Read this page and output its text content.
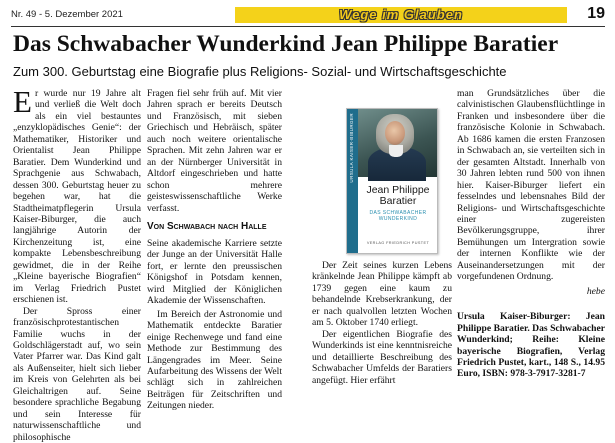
Nr. 49 - 5. Dezember 2021	Wege im Glauben	19
Das Schwabacher Wunderkind Jean Philippe Baratier

Zum 300. Geburtstag eine Biografie plus Religions- Sozial- und Wirtschaftsgeschichte

Er wurde nur 19 Jahre alt und verließ die Welt doch als ein viel bestauntes „enzyklopädisches Genie“: der Mathematiker, Historiker und Orientalist Jean Philippe Baratier. Dem Wunderkind und Sprachgenie aus Schwabach, dessen 300. Geburtstag heuer zu begehen war, hat die Stadtheimatpflegerin Ursula Kaiser-Biburger, die auch langjährige Autorin der Kirchenzeitung ist, eine kompakte Lebensbeschreibung gewidmet, die in der Reihe „Kleine bayerische Biografien“ im Verlag Friedrich Pustet erschienen ist.

Der Spross einer französischprotestantischen Familie wuchs in der Goldschlägerstadt auf, wo sein Vater Pfarrer war. Das Kind galt als Außenseiter, hielt sich lieber im Kreis von Gelehrten als bei Gleichaltrigen auf. Seine besondere sprachliche Begabung und sein Interesse für naturwissenschaftliche und philosophische

Fragen fiel sehr früh auf. Mit vier Jahren sprach er bereits Deutsch und Französisch, mit sieben Griechisch und Hebräisch, später auch noch weitere orientalische Sprachen. Mit zehn Jahren war er an der Nürnberger Universität in Altdorf eingeschrieben und hatte schon mehrere geisteswissenschaftliche Werke verfasst.

Von Schwabach nach Halle

Seine akademische Karriere setzte der Junge an der Universität Halle fort, er lernte den preussischen Königshof in Potsdam kennen, wird Mitglied der Königlichen Akademie der Wissenschaften.

Im Bereich der Astronomie und Mathematik entdeckte Baratier einige Rechenwege und fand eine Methode zur Bestimmung des Längengrades im Meer. Seine Aufarbeitung des Wissens der Welt schlägt sich in zahlreichen Beiträgen für Zeitschriften und Zeitungen nieder.

URSULA KAISER-BIBURGER
Jean Philippe
Baratier
DAS SCHWABACHER
WUNDERKIND
VERLAG FRIEDRICH PUSTET

Der Zeit seines kurzen Lebens kränkelnde Jean Philippe kämpft ab 1739 gegen eine kaum zu behandelnde Krebserkrankung, der er nach qualvollen letzten Wochen am 5. Oktober 1740 erliegt.

Der eigentlichen Biografie des Wunderkinds ist eine kenntnisreiche und detaillierte Beschreibung des Schwabacher Umfelds der Baratiers angefügt. Hier erfährt

man Grundsätzliches über die calvinistischen Glaubensflüchtlinge in Franken und insbesondere über die französische Kolonie in Schwabach. Ab 1686 kamen die ersten Franzosen in Schwabach an, sie verteilten sich in der gesamten Altstadt. Innerhalb von 30 Jahren lebten rund 500 von ihnen hier. Kaiser-Biburger liefert ein fesselndes und lebensnahes Bild der Religions- und Wirtschaftsgeschichte einer zugereisten Bevölkerungsgruppe, ihrer Bemühungen um Intergration sowie der internen Konflikte wie der Auseinandersetzungen mit der vorgefundenen Ordnung.

hebe

Ursula Kaiser-Biburger: Jean Philippe Baratier. Das Schwabacher Wunderkind; Reihe: Kleine bayerische Biografien, Verlag Friedrich Pustet, kart., 148 S., 14.95 Euro, ISBN: 978-3-7917-3281-7
